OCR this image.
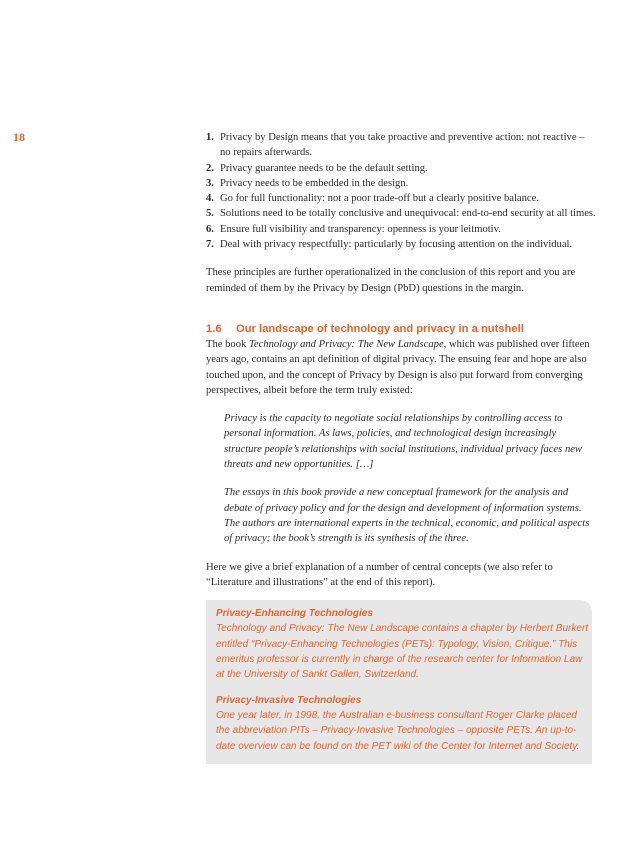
18	1. Privacy by Design means that you take proactive and preventive action: not reactive – no repairs afterwards.
2. Privacy guarantee needs to be the default setting.
3. Privacy needs to be embedded in the design.
4. Go for full functionality: not a poor trade-off but a clearly positive balance.
5. Solutions need to be totally conclusive and unequivocal: end-to-end security at all times.
6. Ensure full visibility and transparency: openness is your leitmotiv.
7. Deal with privacy respectfully: particularly by focusing attention on the individual.

These principles are further operationalized in the conclusion of this report and you are reminded of them by the Privacy by Design (PbD) questions in the margin.

1.6 Our landscape of technology and privacy in a nutshell

The book Technology and Privacy: The New Landscape, which was published over fifteen years ago, contains an apt definition of digital privacy. The ensuing fear and hope are also touched upon, and the concept of Privacy by Design is also put forward from converging perspectives, albeit before the term truly existed:

Privacy is the capacity to negotiate social relationships by controlling access to personal information. As laws, policies, and technological design increasingly structure people’s relationships with social institutions, individual privacy faces new threats and new opportunities. […]

The essays in this book provide a new conceptual framework for the analysis and debate of privacy policy and for the design and development of information systems. The authors are international experts in the technical, economic, and political aspects of privacy; the book’s strength is its synthesis of the three.

Here we give a brief explanation of a number of central concepts (we also refer to “Literature and illustrations” at the end of this report).

Privacy-Enhancing Technologies
Technology and Privacy: The New Landscape contains a chapter by Herbert Burkert entitled “Privacy-Enhancing Technologies (PETs): Typology, Vision, Critique.” This emeritus professor is currently in charge of the research center for Information Law at the University of Sankt Gallen, Switzerland.
Privacy-Invasive Technologies
One year later, in 1998, the Australian e-business consultant Roger Clarke placed the abbreviation PITs – Privacy-Invasive Technologies – opposite PETs. An up-to-date overview can be found on the PET wiki of the Center for Internet and Society.
